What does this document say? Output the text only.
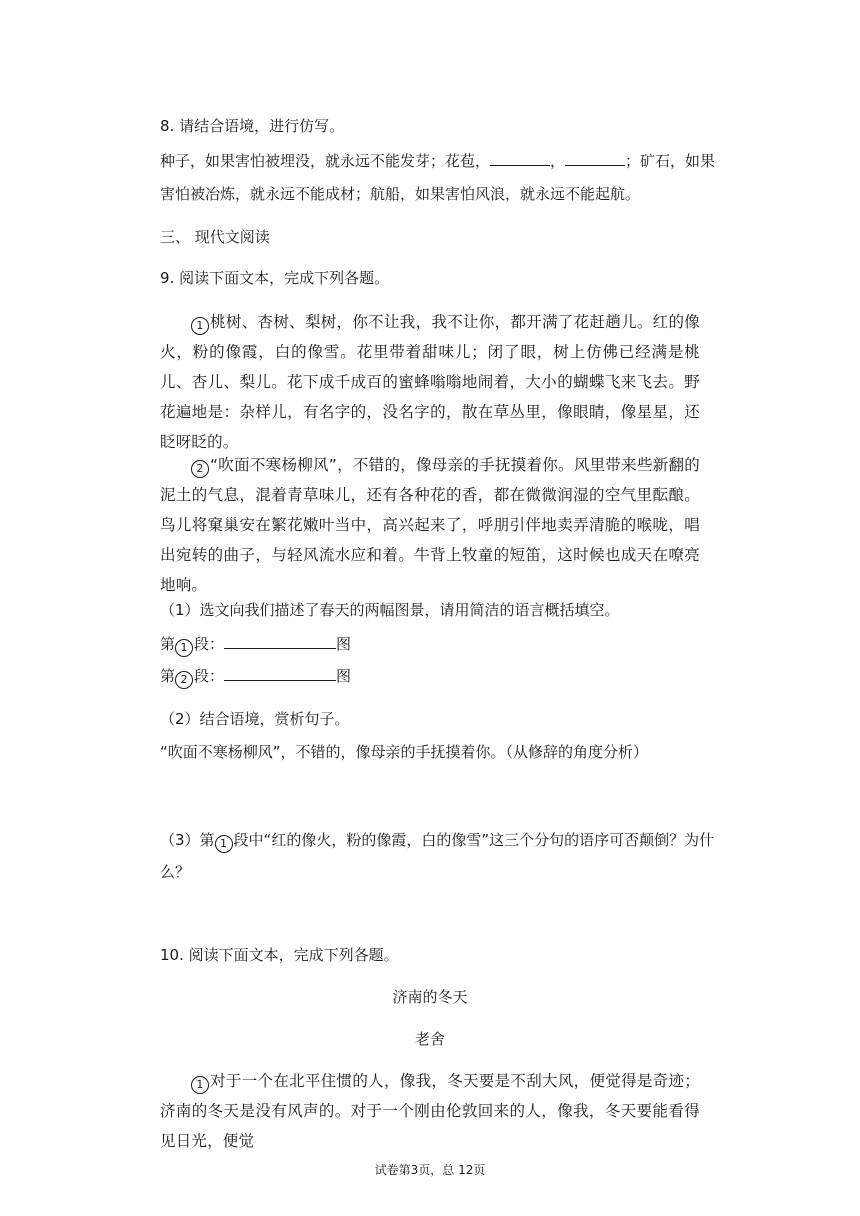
8. 请结合语境，进行仿写。
种子，如果害怕被埋没，就永远不能发芽；花苞，	，	；矿石，如果
害怕被冶炼，就永远不能成材；航船，如果害怕风浪，就永远不能起航。
三、 现代文阅读
9. 阅读下面文本，完成下列各题。
1 桃树、杏树、梨树，你不让我，我不让你，都开满了花赶趟儿。红的像火，粉的像霞，白的像雪。花里带着甜味儿；闭了眼，树上仿佛已经满是桃儿、杏儿、梨儿。花下成千成百的蜜蜂嗡嗡地闹着，大小的蝴蝶飞来飞去。野花遍地是：杂样儿，有名字的，没名字的，散在草丛里，像眼睛，像星星，还眨呀眨的。
2 “吹面不寒杨柳风”，不错的，像母亲的手抚摸着你。风里带来些新翻的泥土的气息，混着青草味儿，还有各种花的香，都在微微润湿的空气里酝酿。鸟儿将窠巢安在繁花嫩叶当中，高兴起来了，呼朋引伴地卖弄清脆的喉咙，唱出宛转的曲子，与轻风流水应和着。牛背上牧童的短笛，这时候也成天在嘹亮地响。
（1）选文向我们描述了春天的两幅图景，请用简洁的语言概括填空。
第 1 段：	图
第 2 段：	图
（2）结合语境，赏析句子。
“吹面不寒杨柳风”，不错的，像母亲的手抚摸着你。（从修辞的角度分析）
（3）第 1 段中“红的像火，粉的像霞，白的像雪”这三个分句的语序可否颠倒？为什
么？
10. 阅读下面文本，完成下列各题。
济南的冬天
老舍
1 对于一个在北平住惯的人，像我，冬天要是不刮大风，便觉得是奇迹；济南的冬天是没有风声的。对于一个刚由伦敦回来的人，像我，冬天要能看得见日光，便觉
试卷第3页，总 12页
